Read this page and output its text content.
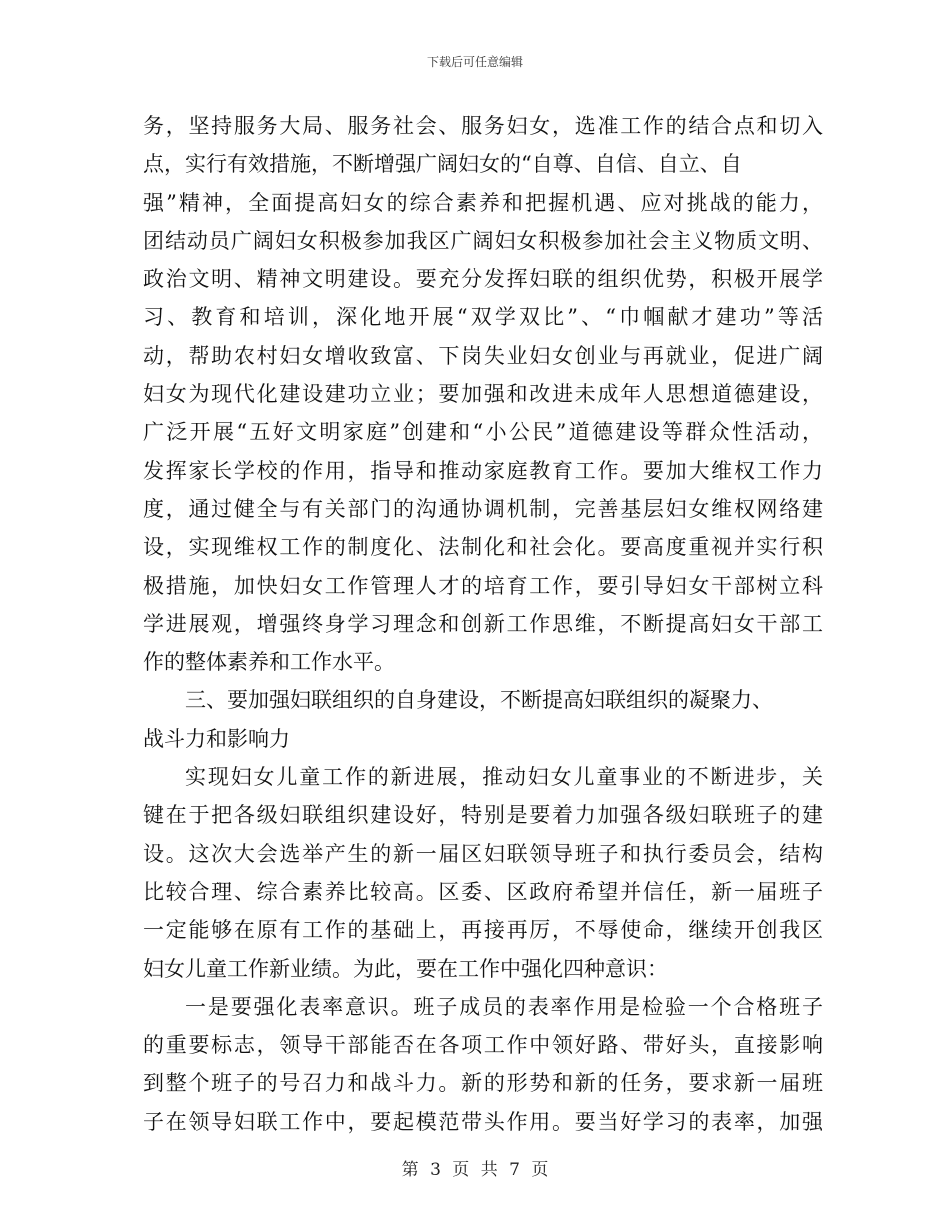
下载后可任意编辑
务，坚持服务大局、服务社会、服务妇女，选准工作的结合点和切入
点，实行有效措施，不断增强广阔妇女的“自尊、自信、自立、自
强”精神，全面提高妇女的综合素养和把握机遇、应对挑战的能力，
团结动员广阔妇女积极参加我区广阔妇女积极参加社会主义物质文明、
政治文明、精神文明建设。要充分发挥妇联的组织优势，积极开展学
习、教育和培训，深化地开展“双学双比”、“巾帼献才建功”等活
动，帮助农村妇女增收致富、下岗失业妇女创业与再就业，促进广阔
妇女为现代化建设建功立业；要加强和改进未成年人思想道德建设，
广泛开展“五好文明家庭”创建和“小公民”道德建设等群众性活动，
发挥家长学校的作用，指导和推动家庭教育工作。要加大维权工作力
度，通过健全与有关部门的沟通协调机制，完善基层妇女维权网络建
设，实现维权工作的制度化、法制化和社会化。要高度重视并实行积
极措施，加快妇女工作管理人才的培育工作，要引导妇女干部树立科
学进展观，增强终身学习理念和创新工作思维，不断提高妇女干部工
作的整体素养和工作水平。
三、要加强妇联组织的自身建设，不断提高妇联组织的凝聚力、
战斗力和影响力
实现妇女儿童工作的新进展，推动妇女儿童事业的不断进步，关
键在于把各级妇联组织建设好，特别是要着力加强各级妇联班子的建
设。这次大会选举产生的新一届区妇联领导班子和执行委员会，结构
比较合理、综合素养比较高。区委、区政府希望并信任，新一届班子
一定能够在原有工作的基础上，再接再厉，不辱使命，继续开创我区
妇女儿童工作新业绩。为此，要在工作中强化四种意识：
一是要强化表率意识。班子成员的表率作用是检验一个合格班子
的重要标志，领导干部能否在各项工作中领好路、带好头，直接影响
到整个班子的号召力和战斗力。新的形势和新的任务，要求新一届班
子在领导妇联工作中，要起模范带头作用。要当好学习的表率，加强
第 3 页 共 7 页
